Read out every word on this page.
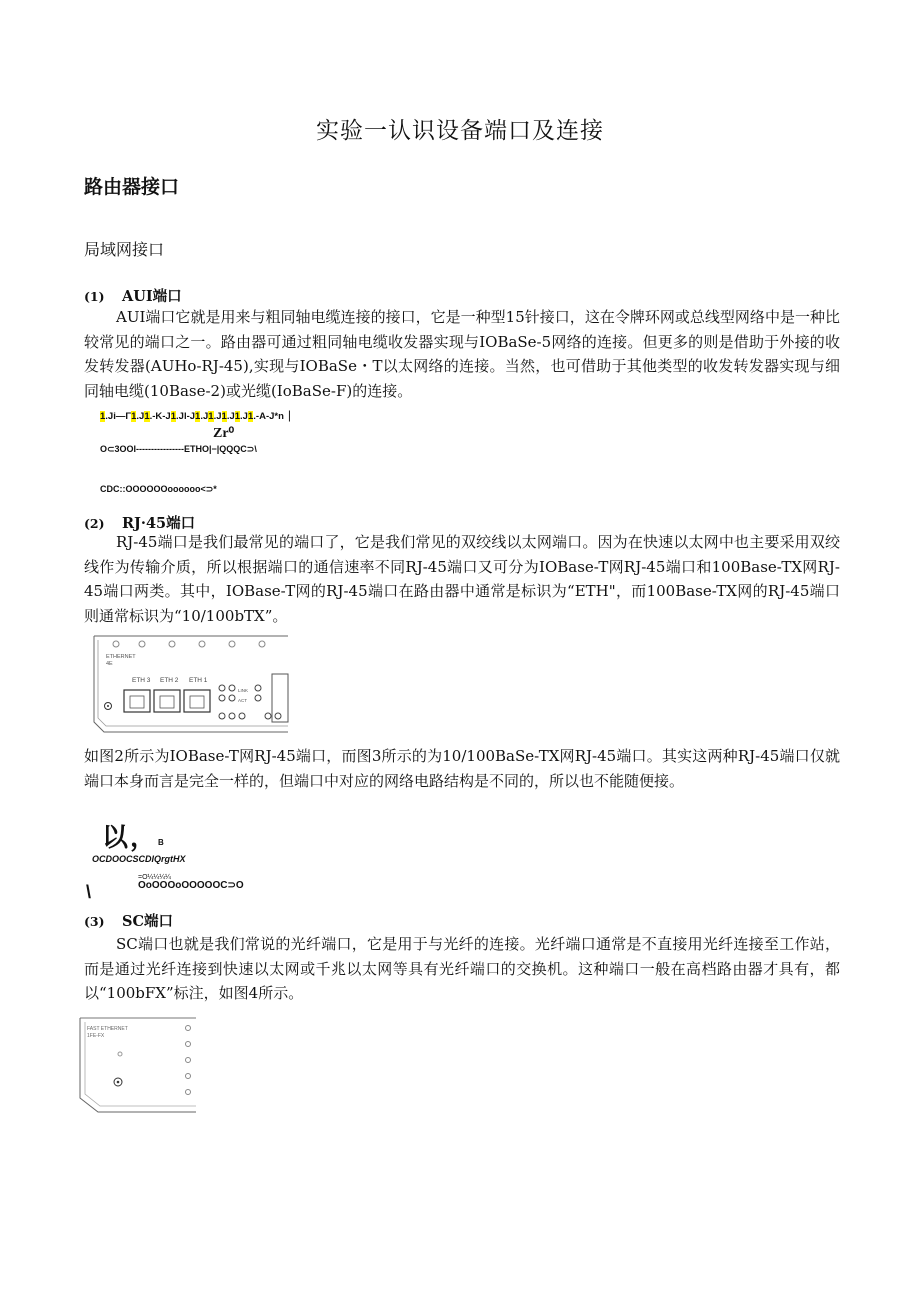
实验一认识设备端口及连接
路由器接口
局域网接口
(1) AUI端口

AUI端口它就是用来与粗同轴电缆连接的接口，它是一种型15针接口，这在令牌环网或总线型网络中是一种比较常见的端口之一。路由器可通过粗同轴电缆收发器实现与IOBaSe-5网络的连接。但更多的则是借助于外接的收发转发器(AUHo-RJ-45),实现与IOBaSe・T以太网络的连接。当然，也可借助于其他类型的收发转发器实现与细同轴电缆(10Base-2)或光缆(IoBaSe-F)的连接。

1.Ji—Γ1.J1.-K-J1.Jl-J1.J1.J1.J1.J1.-A-J*n |
Zr⁰
O⊂3OOI----------------ETHO|−|QQQC⊃\
CDC::OOOOOOoooooo<⊃*
(2) RJ·45端口

RJ-45端口是我们最常见的端口了，它是我们常见的双绞线以太网端口。因为在快速以太网中也主要采用双绞线作为传输介质，所以根据端口的通信速率不同RJ-45端口又可分为IOBase-T网RJ-45端口和100Base-TX网RJ-45端口两类。其中，IOBase-T网的RJ-45端口在路由器中通常是标识为“ETH"，而100Base-TX网的RJ-45端口则通常标识为“10/100bTX”。

ETHERNET
4E
ETH 3 ETH 2 ETH 1
LINK
ACT

如图2所示为IOBase-T网RJ-45端口，而图3所示的为10/100BaSe-TX网RJ-45端口。其实这两种RJ-45端口仅就端口本身而言是完全一样的，但端口中对应的网络电路结构是不同的，所以也不能随便接。

以， B
OCDOOCSCDIQrgtHX
=O¼¼¼¼
\	OoOOOoOOOOOC⊃O
(3) SC端口

SC端口也就是我们常说的光纤端口，它是用于与光纤的连接。光纤端口通常是不直接用光纤连接至工作站，而是通过光纤连接到快速以太网或千兆以太网等具有光纤端口的交换机。这种端口一般在高档路由器才具有，都以“100bFX”标注，如图4所示。

FAST ETHERNET
1FE-FX
